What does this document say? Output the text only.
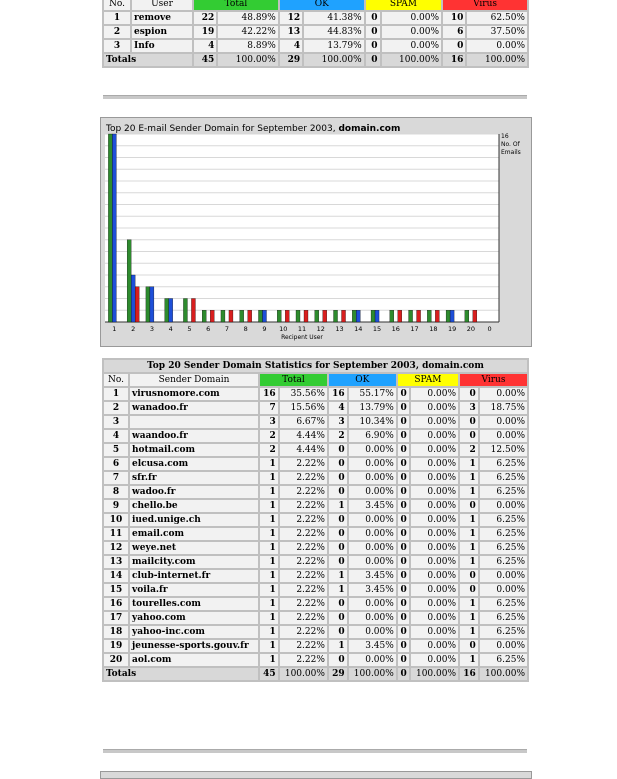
No.	User	Total		OK		SPAM		Virus	
1	remove	22	48.89%	12	41.38%	0	0.00%	10	62.50%
2	espion	19	42.22%	13	44.83%	0	0.00%	6	37.50%
3	Info	4	8.89%	4	13.79%	0	0.00%	0	0.00%
Totals		45	100.00%	29	100.00%	0	100.00%	16	100.00%
Top 20 E-mail Sender Domain for September 2003, domain.com
16
No. Of
Emails
1 2 3 4 5 6 7 8 9 10 11 12 13 14 15 16 17 18 19 20 0
Recipent User
Top 20 Sender Domain Statistics for September 2003, domain.com									
No.	Sender Domain	Total		OK		SPAM		Virus	
1	virusnomore.com	16	35.56%	16	55.17%	0	0.00%	0	0.00%
2	wanadoo.fr	7	15.56%	4	13.79%	0	0.00%	3	18.75%
3		3	6.67%	3	10.34%	0	0.00%	0	0.00%
4	waandoo.fr	2	4.44%	2	6.90%	0	0.00%	0	0.00%
5	hotmail.com	2	4.44%	0	0.00%	0	0.00%	2	12.50%
6	elcusa.com	1	2.22%	0	0.00%	0	0.00%	1	6.25%
7	sfr.fr	1	2.22%	0	0.00%	0	0.00%	1	6.25%
8	wadoo.fr	1	2.22%	0	0.00%	0	0.00%	1	6.25%
9	chello.be	1	2.22%	1	3.45%	0	0.00%	0	0.00%
10	iued.unige.ch	1	2.22%	0	0.00%	0	0.00%	1	6.25%
11	email.com	1	2.22%	0	0.00%	0	0.00%	1	6.25%
12	weye.net	1	2.22%	0	0.00%	0	0.00%	1	6.25%
13	mailcity.com	1	2.22%	0	0.00%	0	0.00%	1	6.25%
14	club-internet.fr	1	2.22%	1	3.45%	0	0.00%	0	0.00%
15	voila.fr	1	2.22%	1	3.45%	0	0.00%	0	0.00%
16	tourelles.com	1	2.22%	0	0.00%	0	0.00%	1	6.25%
17	yahoo.com	1	2.22%	0	0.00%	0	0.00%	1	6.25%
18	yahoo-inc.com	1	2.22%	0	0.00%	0	0.00%	1	6.25%
19	jeunesse-sports.gouv.fr	1	2.22%	1	3.45%	0	0.00%	0	0.00%
20	aol.com	1	2.22%	0	0.00%	0	0.00%	1	6.25%
Totals		45	100.00%	29	100.00%	0	100.00%	16	100.00%
